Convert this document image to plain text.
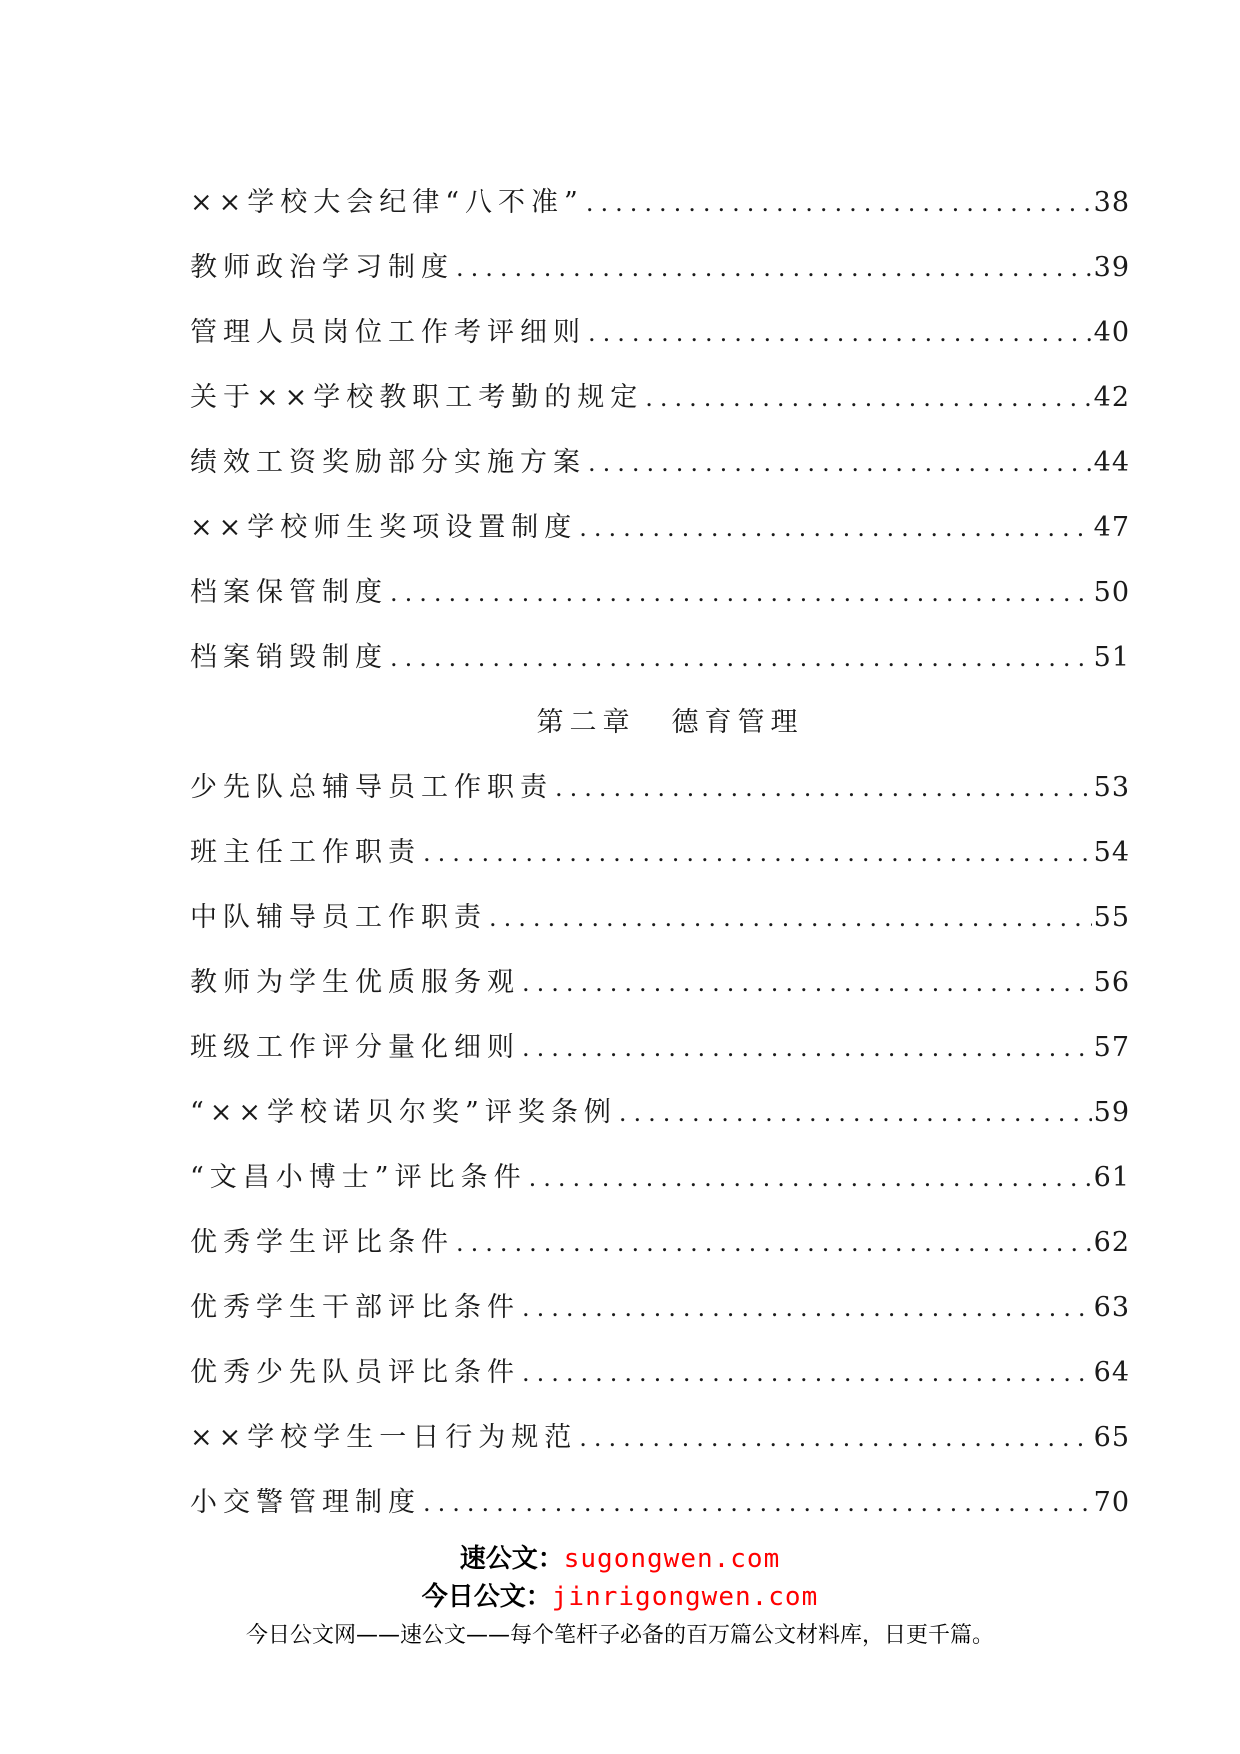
××学校大会纪律“八不准” .....	38
教师政治学习制度 .....	39
管理人员岗位工作考评细则 .....	40
关于××学校教职工考勤的规定 .....	42
绩效工资奖励部分实施方案 .....	44
××学校师生奖项设置制度 .....	47
档案保管制度 .....	50
档案销毁制度 .....	51
第二章 德育管理
少先队总辅导员工作职责 .....	53
班主任工作职责 .....	54
中队辅导员工作职责 .....	55
教师为学生优质服务观 .....	56
班级工作评分量化细则 .....	57
“××学校诺贝尔奖”评奖条例 .....	59
“文昌小博士”评比条件 .....	61
优秀学生评比条件 .....	62
优秀学生干部评比条件 .....	63
优秀少先队员评比条件 .....	64
××学校学生一日行为规范 .....	65
小交警管理制度 .....	70
速公文：sugongwen.com
今日公文：jinrigongwen.com
今日公文网——速公文——每个笔杆子必备的百万篇公文材料库，日更千篇。
